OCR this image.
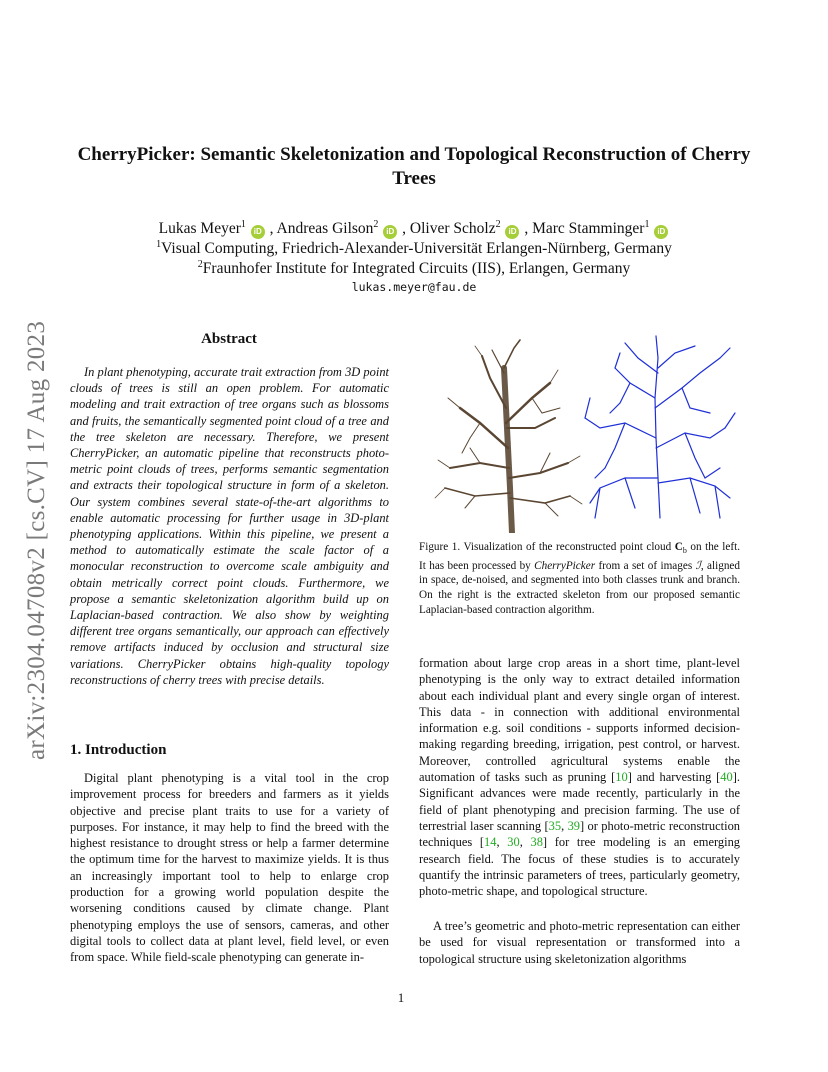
arXiv:2304.04708v2 [cs.CV] 17 Aug 2023
CherryPicker: Semantic Skeletonization and Topological Reconstruction of Cherry Trees
Lukas Meyer$^1$ iD , Andreas Gilson$^2$ iD , Oliver Scholz$^2$ iD , Marc Stamminger$^1$ iD
$^1$Visual Computing, Friedrich-Alexander-Universität Erlangen-Nürnberg, Germany
$^2$Fraunhofer Institute for Integrated Circuits (IIS), Erlangen, Germany
lukas.meyer@fau.de
Abstract
In plant phenotyping, accurate trait extraction from 3D point clouds of trees is still an open problem. For automatic modeling and trait extraction of tree organs such as blossoms and fruits, the semantically segmented point cloud of a tree and the tree skeleton are necessary. Therefore, we present CherryPicker, an automatic pipeline that reconstructs photo-metric point clouds of trees, performs semantic segmentation and extracts their topological structure in form of a skeleton. Our system combines several state-of-the-art algorithms to enable automatic processing for further usage in 3D-plant phenotyping applications. Within this pipeline, we present a method to automatically estimate the scale factor of a monocular reconstruction to overcome scale ambiguity and obtain metrically correct point clouds. Furthermore, we propose a semantic skeletonization algorithm build up on Laplacian-based contraction. We also show by weighting different tree organs semantically, our approach can effectively remove artifacts induced by occlusion and structural size variations. CherryPicker obtains high-quality topology reconstructions of cherry trees with precise details.
1. Introduction
Digital plant phenotyping is a vital tool in the crop improvement process for breeders and farmers as it yields objective and precise plant traits to use for a variety of purposes. For instance, it may help to find the breed with the highest resistance to drought stress or help a farmer determine the optimum time for the harvest to maximize yields. It is thus an increasingly important tool to help to enlarge crop production for a growing world population despite the worsening conditions caused by climate change. Plant phenotyping employs the use of sensors, cameras, and other digital tools to collect data at plant level, field level, or even from space. While field-scale phenotyping can generate in-
Figure 1. Visualization of the reconstructed point cloud $C_b$ on the left. It has been processed by CherryPicker from a set of images ℐ, aligned in space, de-noised, and segmented into both classes trunk and branch. On the right is the extracted skeleton from our proposed semantic Laplacian-based contraction algorithm.
formation about large crop areas in a short time, plant-level phenotyping is the only way to extract detailed information about each individual plant and every single organ of interest. This data - in connection with additional environmental information e.g. soil conditions - supports informed decision-making regarding breeding, irrigation, pest control, or harvest. Moreover, controlled agricultural systems enable the automation of tasks such as pruning [10] and harvesting [40]. Significant advances were made recently, particularly in the field of plant phenotyping and precision farming. The use of terrestrial laser scanning [35, 39] or photo-metric reconstruction techniques [14, 30, 38] for tree modeling is an emerging research field. The focus of these studies is to accurately quantify the intrinsic parameters of trees, particularly geometry, photo-metric shape, and topological structure.
A tree’s geometric and photo-metric representation can either be used for visual representation or transformed into a topological structure using skeletonization algorithms
1
